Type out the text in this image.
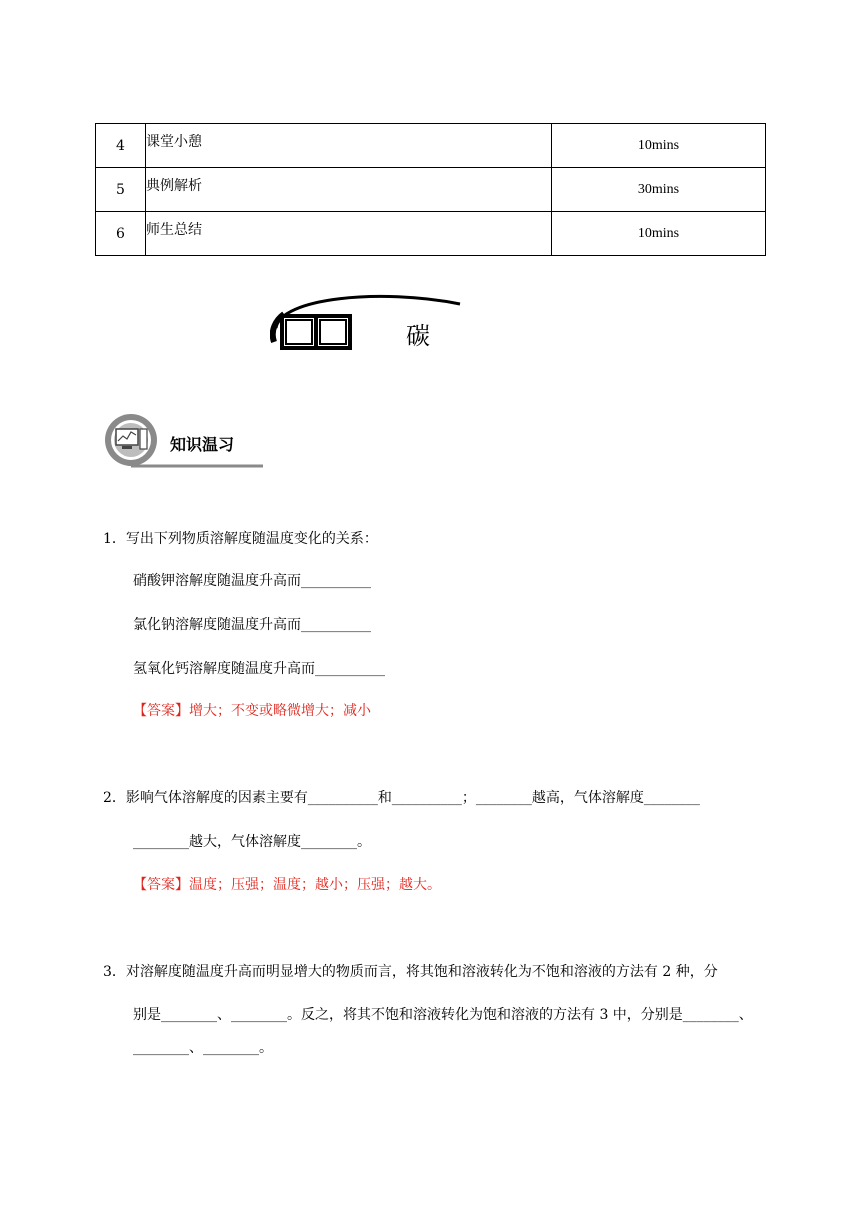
4	课堂小憩	10mins
5	典例解析	30mins
6	师生总结	10mins
碳
知识温习
1．写出下列物质溶解度随温度变化的关系：
硝酸钾溶解度随温度升高而__________
氯化钠溶解度随温度升高而__________
氢氧化钙溶解度随温度升高而__________
【答案】增大；不变或略微增大；减小
2．影响气体溶解度的因素主要有__________和__________；________越高，气体溶解度________
________越大，气体溶解度________。
【答案】温度；压强；温度；越小；压强；越大。
3．对溶解度随温度升高而明显增大的物质而言，将其饱和溶液转化为不饱和溶液的方法有 2 种，分
别是________、________。反之，将其不饱和溶液转化为饱和溶液的方法有 3 中，分别是________、
________、________。
